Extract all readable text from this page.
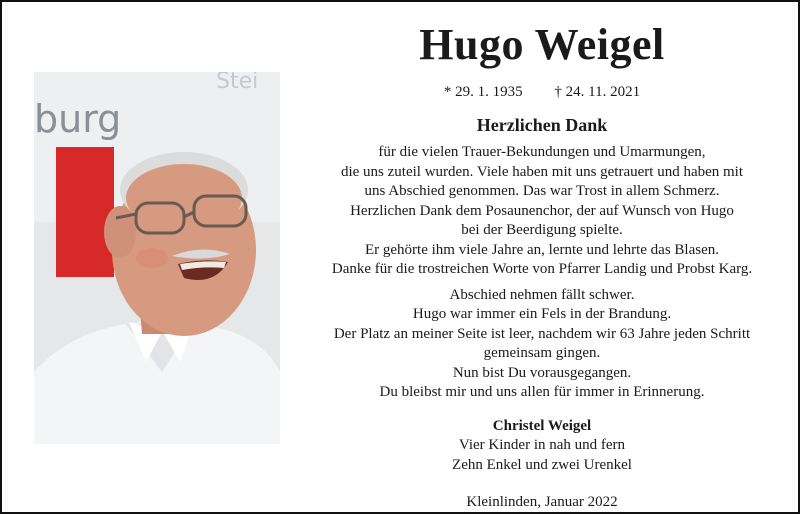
burg
Stei
Hugo Weigel
* 29. 1. 1935 † 24. 11. 2021
Herzlichen Dank
für die vielen Trauer-Bekundungen und Umarmungen,
die uns zuteil wurden. Viele haben mit uns getrauert und haben mit
uns Abschied genommen. Das war Trost in allem Schmerz.
Herzlichen Dank dem Posaunenchor, der auf Wunsch von Hugo
bei der Beerdigung spielte.
Er gehörte ihm viele Jahre an, lernte und lehrte das Blasen.
Danke für die trostreichen Worte von Pfarrer Landig und Probst Karg.
Abschied nehmen fällt schwer.
Hugo war immer ein Fels in der Brandung.
Der Platz an meiner Seite ist leer, nachdem wir 63 Jahre jeden Schritt
gemeinsam gingen.
Nun bist Du vorausgegangen.
Du bleibst mir und uns allen für immer in Erinnerung.
Christel Weigel
Vier Kinder in nah und fern
Zehn Enkel und zwei Urenkel
Kleinlinden, Januar 2022
